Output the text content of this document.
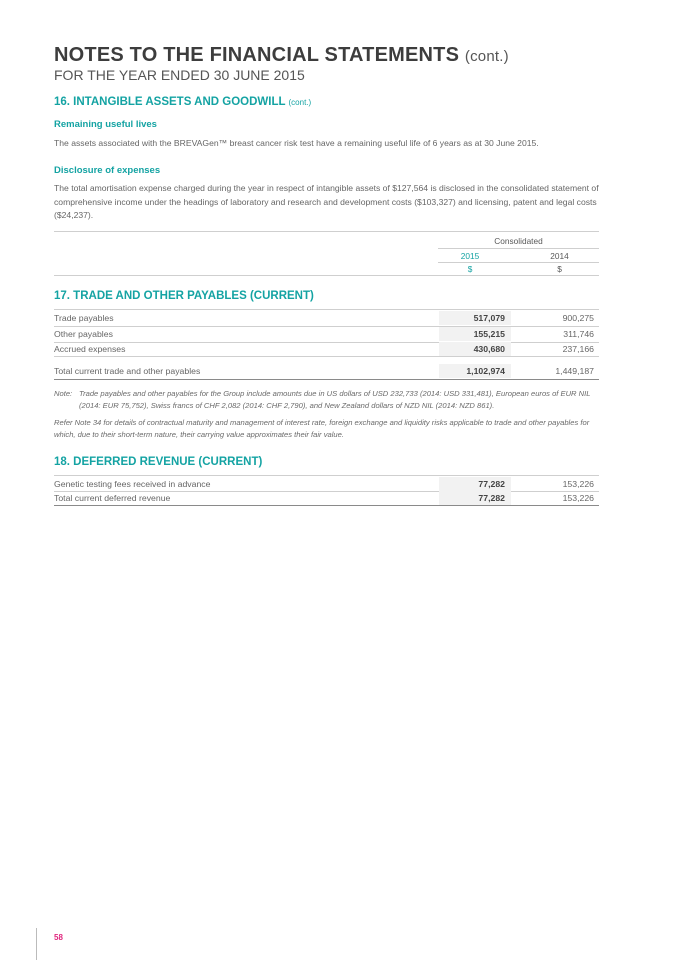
NOTES TO THE FINANCIAL STATEMENTS (cont.)
FOR THE YEAR ENDED 30 JUNE 2015
16. INTANGIBLE ASSETS AND GOODWILL (cont.)
Remaining useful lives
The assets associated with the BREVAGen™ breast cancer risk test have a remaining useful life of 6 years as at 30 June 2015.
Disclosure of expenses
The total amortisation expense charged during the year in respect of intangible assets of $127,564 is disclosed in the consolidated statement of comprehensive income under the headings of laboratory and research and development costs ($103,327) and licensing, patent and legal costs ($24,237).
Consolidated
2015	2014
$	$
17. TRADE AND OTHER PAYABLES (CURRENT)
Trade payables	517,079	900,275
Other payables	155,215	311,746
Accrued expenses	430,680	237,166
Total current trade and other payables	1,102,974	1,449,187
Note: Trade payables and other payables for the Group include amounts due in US dollars of USD 232,733 (2014: USD 331,481), European euros of EUR NIL (2014: EUR 75,752), Swiss francs of CHF 2,082 (2014: CHF 2,790), and New Zealand dollars of NZD NIL (2014: NZD 861).
Refer Note 34 for details of contractual maturity and management of interest rate, foreign exchange and liquidity risks applicable to trade and other payables for which, due to their short-term nature, their carrying value approximates their fair value.
18. DEFERRED REVENUE (CURRENT)
Genetic testing fees received in advance	77,282	153,226
Total current deferred revenue	77,282	153,226
58
